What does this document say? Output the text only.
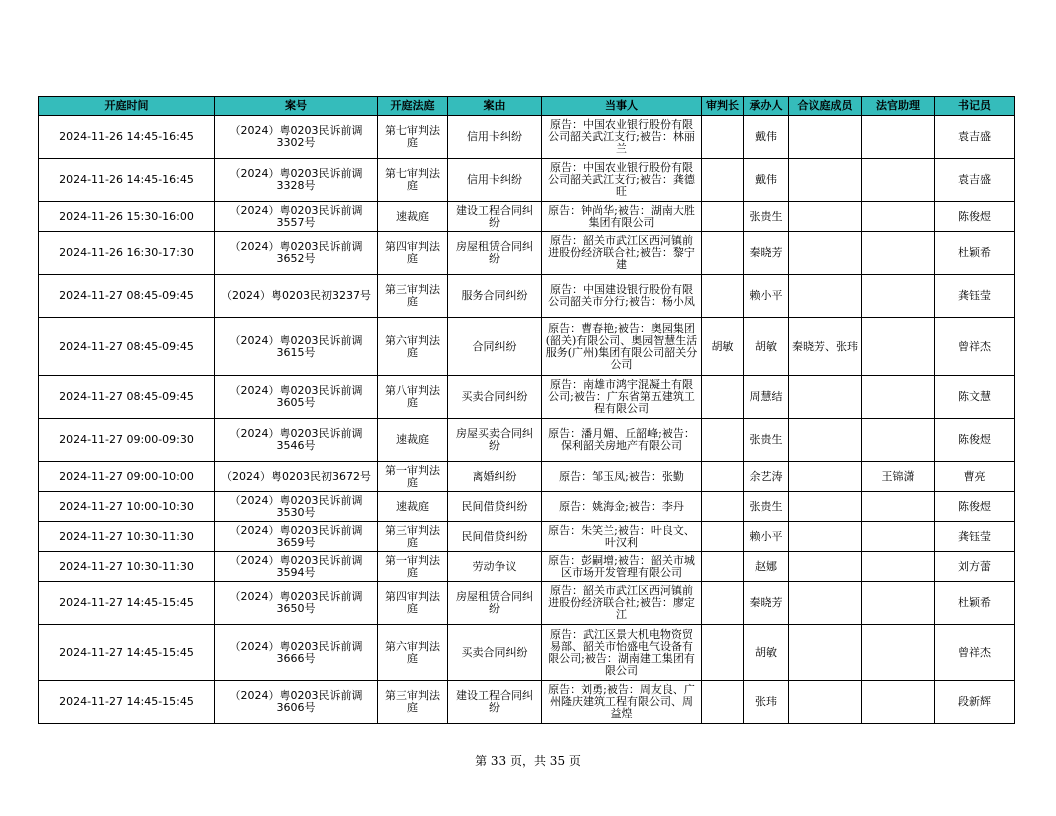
开庭时间	案号	开庭法庭	案由	当事人	审判长	承办人	合议庭成员	法官助理	书记员
2024-11-26 14:45-16:45	（2024）粤0203民诉前调3302号	第七审判法庭	信用卡纠纷	原告：中国农业银行股份有限公司韶关武江支行;被告：林丽兰		戴伟			袁吉盛
2024-11-26 14:45-16:45	（2024）粤0203民诉前调3328号	第七审判法庭	信用卡纠纷	原告：中国农业银行股份有限公司韶关武江支行;被告：龚德旺		戴伟			袁吉盛
2024-11-26 15:30-16:00	（2024）粤0203民诉前调3557号	速裁庭	建设工程合同纠纷	原告：钟尚华;被告：湖南大胜集团有限公司		张贵生			陈俊煜
2024-11-26 16:30-17:30	（2024）粤0203民诉前调3652号	第四审判法庭	房屋租赁合同纠纷	原告：韶关市武江区西河镇前进股份经济联合社;被告：黎宁建		秦晓芳			杜颖希
2024-11-27 08:45-09:45	（2024）粤0203民初3237号	第三审判法庭	服务合同纠纷	原告：中国建设银行股份有限公司韶关市分行;被告：杨小凤		赖小平			龚钰莹
2024-11-27 08:45-09:45	（2024）粤0203民诉前调3615号	第六审判法庭	合同纠纷	原告：曹春艳;被告：奥园集团(韶关)有限公司、奥园智慧生活服务(广州)集团有限公司韶关分公司	胡敏	胡敏	秦晓芳、张玮		曾祥杰
2024-11-27 08:45-09:45	（2024）粤0203民诉前调3605号	第八审判法庭	买卖合同纠纷	原告：南雄市鸿宇混凝土有限公司;被告：广东省第五建筑工程有限公司		周慧结			陈文慧
2024-11-27 09:00-09:30	（2024）粤0203民诉前调3546号	速裁庭	房屋买卖合同纠纷	原告：潘月媚、丘韶峰;被告：保利韶关房地产有限公司		张贵生			陈俊煜
2024-11-27 09:00-10:00	（2024）粤0203民初3672号	第一审判法庭	离婚纠纷	原告：邹玉凤;被告：张勤		余艺涛		王锦潇	曹亮
2024-11-27 10:00-10:30	（2024）粤0203民诉前调3530号	速裁庭	民间借贷纠纷	原告：姚海金;被告：李丹		张贵生			陈俊煜
2024-11-27 10:30-11:30	（2024）粤0203民诉前调3659号	第三审判法庭	民间借贷纠纷	原告：朱笑兰;被告：叶良文、叶汉利		赖小平			龚钰莹
2024-11-27 10:30-11:30	（2024）粤0203民诉前调3594号	第一审判法庭	劳动争议	原告：彭嗣增;被告：韶关市城区市场开发管理有限公司		赵娜			刘方蕾
2024-11-27 14:45-15:45	（2024）粤0203民诉前调3650号	第四审判法庭	房屋租赁合同纠纷	原告：韶关市武江区西河镇前进股份经济联合社;被告：廖定江		秦晓芳			杜颖希
2024-11-27 14:45-15:45	（2024）粤0203民诉前调3666号	第六审判法庭	买卖合同纠纷	原告：武江区景大机电物资贸易部、韶关市怡盛电气设备有限公司;被告：湖南建工集团有限公司		胡敏			曾祥杰
2024-11-27 14:45-15:45	（2024）粤0203民诉前调3606号	第三审判法庭	建设工程合同纠纷	原告：刘勇;被告：周友良、广州隆庆建筑工程有限公司、周益煌		张玮			段新辉
第 33 页，共 35 页
